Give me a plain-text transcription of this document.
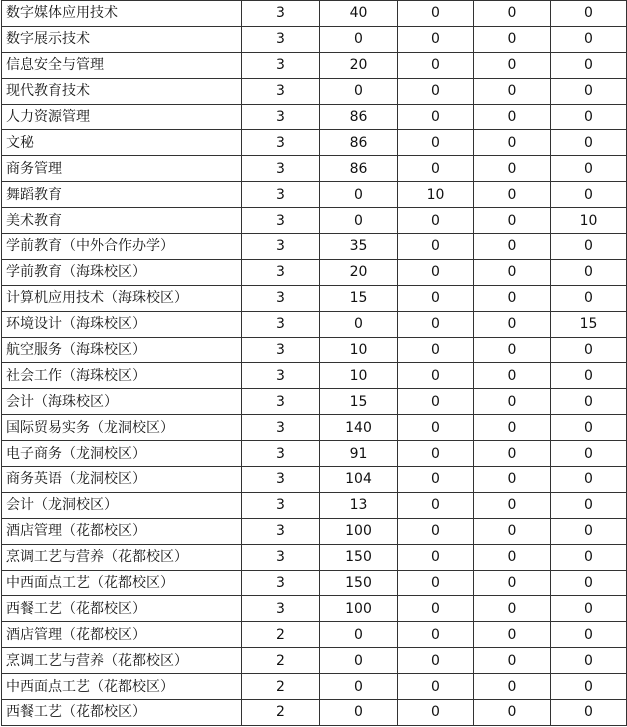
数字媒体应用技术	3	40	0	0	0
数字展示技术	3	0	0	0	0
信息安全与管理	3	20	0	0	0
现代教育技术	3	0	0	0	0
人力资源管理	3	86	0	0	0
文秘	3	86	0	0	0
商务管理	3	86	0	0	0
舞蹈教育	3	0	10	0	0
美术教育	3	0	0	0	10
学前教育（中外合作办学）	3	35	0	0	0
学前教育（海珠校区）	3	20	0	0	0
计算机应用技术（海珠校区）	3	15	0	0	0
环境设计（海珠校区）	3	0	0	0	15
航空服务（海珠校区）	3	10	0	0	0
社会工作（海珠校区）	3	10	0	0	0
会计（海珠校区）	3	15	0	0	0
国际贸易实务（龙洞校区）	3	140	0	0	0
电子商务（龙洞校区）	3	91	0	0	0
商务英语（龙洞校区）	3	104	0	0	0
会计（龙洞校区）	3	13	0	0	0
酒店管理（花都校区）	3	100	0	0	0
烹调工艺与营养（花都校区）	3	150	0	0	0
中西面点工艺（花都校区）	3	150	0	0	0
西餐工艺（花都校区）	3	100	0	0	0
酒店管理（花都校区）	2	0	0	0	0
烹调工艺与营养（花都校区）	2	0	0	0	0
中西面点工艺（花都校区）	2	0	0	0	0
西餐工艺（花都校区）	2	0	0	0	0
